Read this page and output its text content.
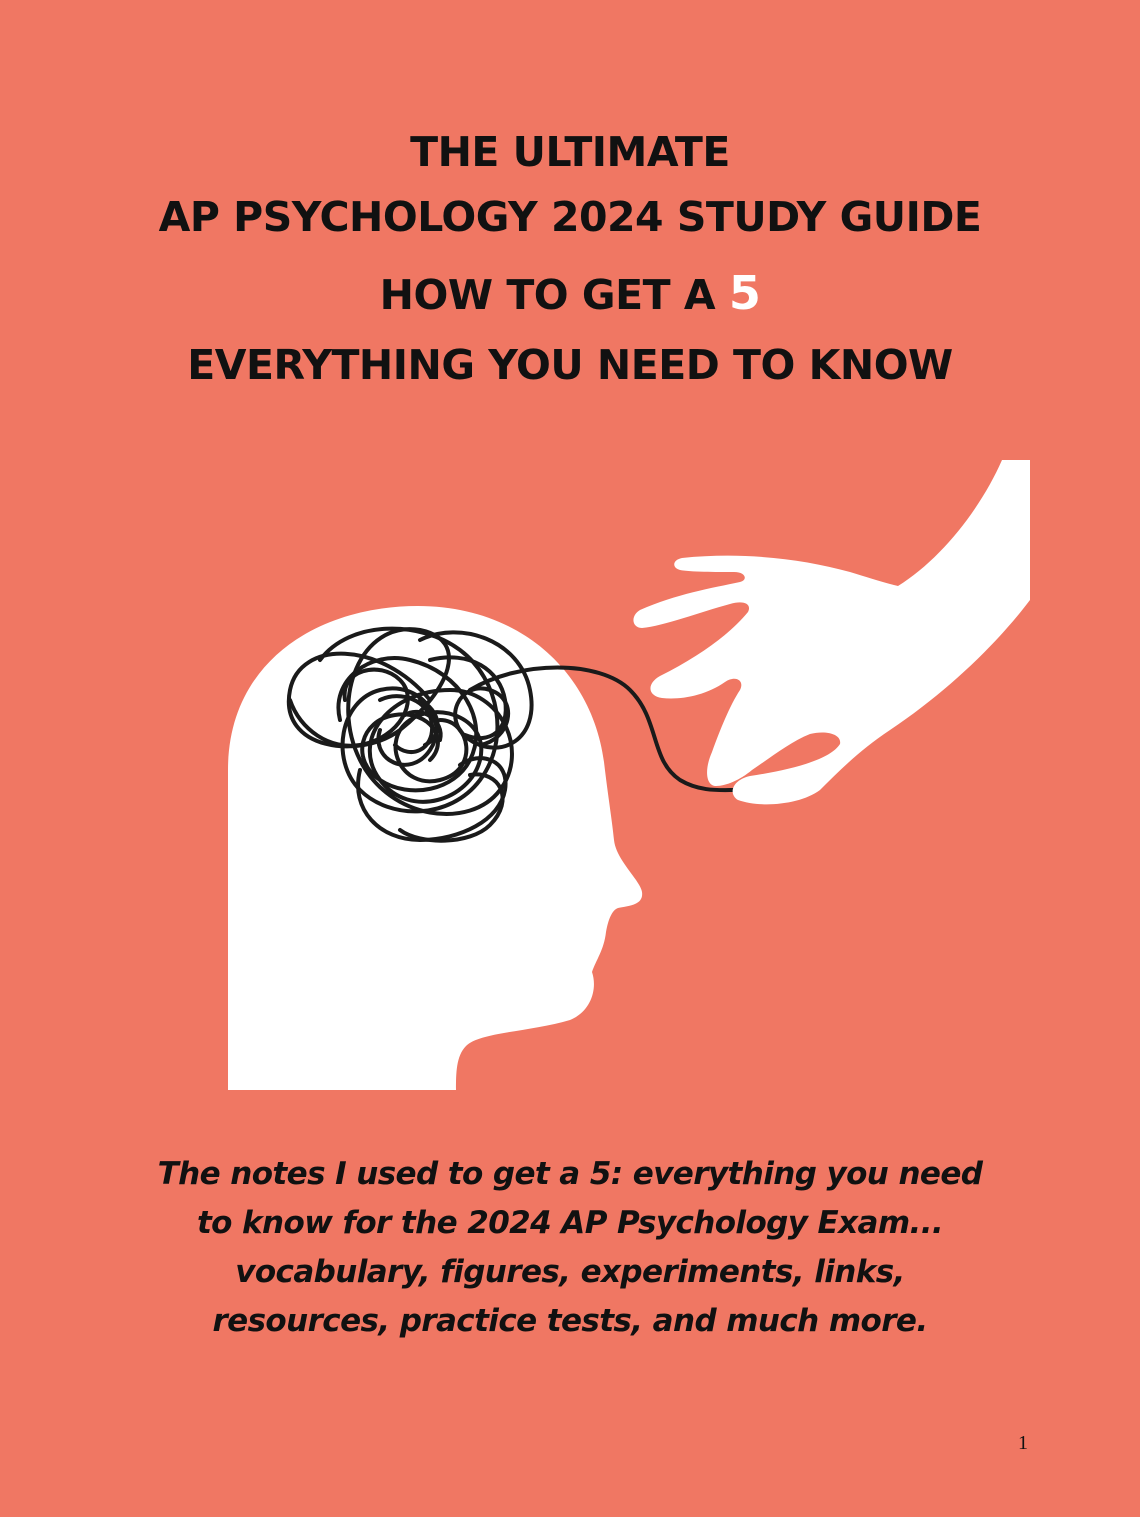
THE ULTIMATE
AP PSYCHOLOGY 2024 STUDY GUIDE
HOW TO GET A 5
EVERYTHING YOU NEED TO KNOW
The notes I used to get a 5: everything you need
to know for the 2024 AP Psychology Exam...
vocabulary, figures, experiments, links,
resources, practice tests, and much more.
1
